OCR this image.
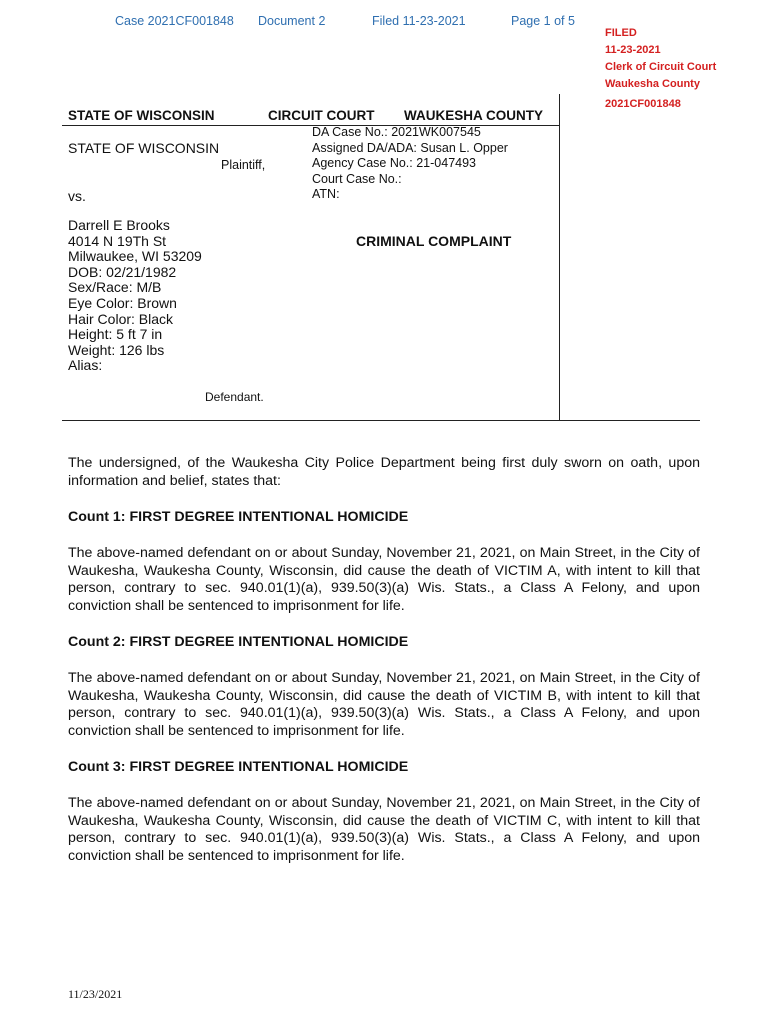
Case 2021CF001848 Document 2	Filed 11-23-2021	Page 1 of 5
FILED
11-23-2021
Clerk of Circuit Court
Waukesha County
2021CF001848
STATE OF WISCONSIN	CIRCUIT COURT WAUKESHA COUNTY
STATE OF WISCONSIN
Plaintiff,
DA Case No.: 2021WK007545
Assigned DA/ADA: Susan L. Opper
Agency Case No.: 21-047493
Court Case No.:
ATN:
vs.
Darrell E Brooks
4014 N 19Th St
Milwaukee, WI 53209
DOB: 02/21/1982
Sex/Race: M/B
Eye Color: Brown
Hair Color: Black
Height: 5 ft 7 in
Weight: 126 lbs
Alias:
Defendant.
CRIMINAL COMPLAINT
The undersigned, of the Waukesha City Police Department being first duly sworn on oath, upon information and belief, states that:
Count 1: FIRST DEGREE INTENTIONAL HOMICIDE
The above-named defendant on or about Sunday, November 21, 2021, on Main Street, in the City of Waukesha, Waukesha County, Wisconsin, did cause the death of VICTIM A, with intent to kill that person, contrary to sec. 940.01(1)(a), 939.50(3)(a) Wis. Stats., a Class A Felony, and upon conviction shall be sentenced to imprisonment for life.
Count 2: FIRST DEGREE INTENTIONAL HOMICIDE
The above-named defendant on or about Sunday, November 21, 2021, on Main Street, in the City of Waukesha, Waukesha County, Wisconsin, did cause the death of VICTIM B, with intent to kill that person, contrary to sec. 940.01(1)(a), 939.50(3)(a) Wis. Stats., a Class A Felony, and upon conviction shall be sentenced to imprisonment for life.
Count 3: FIRST DEGREE INTENTIONAL HOMICIDE
The above-named defendant on or about Sunday, November 21, 2021, on Main Street, in the City of Waukesha, Waukesha County, Wisconsin, did cause the death of VICTIM C, with intent to kill that person, contrary to sec. 940.01(1)(a), 939.50(3)(a) Wis. Stats., a Class A Felony, and upon conviction shall be sentenced to imprisonment for life.
11/23/2021
